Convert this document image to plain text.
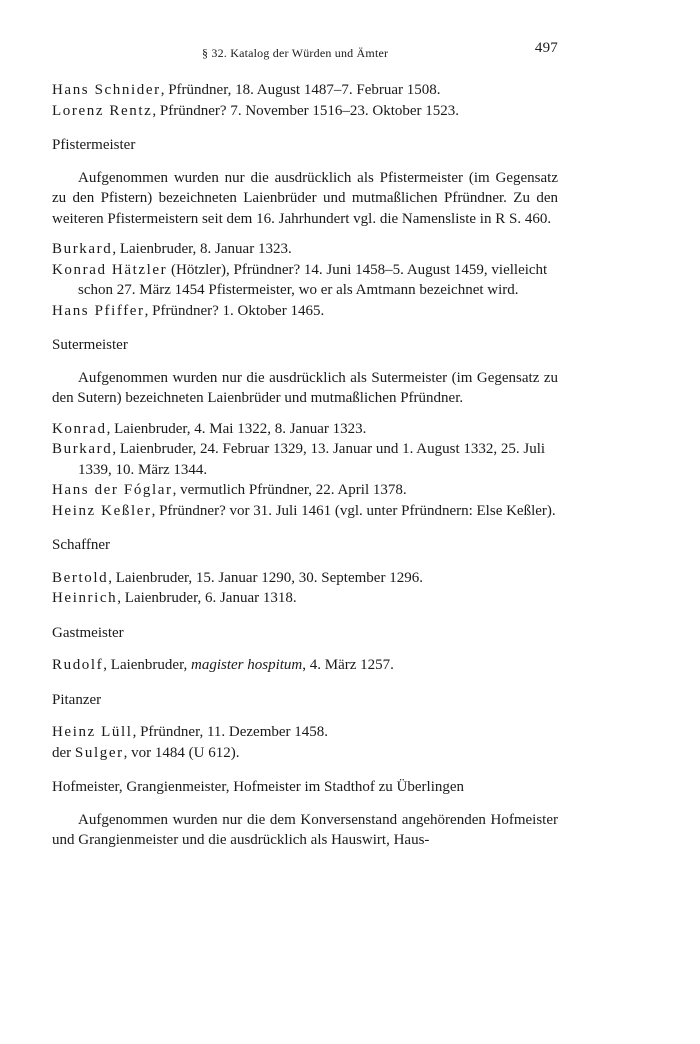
§ 32. Katalog der Würden und Ämter	497
Hans Schnider, Pfründner, 18. August 1487–7. Februar 1508.
Lorenz Rentz, Pfründner? 7. November 1516–23. Oktober 1523.
Pfistermeister
Aufgenommen wurden nur die ausdrücklich als Pfistermeister (im Gegensatz zu den Pfistern) bezeichneten Laienbrüder und mutmaßlichen Pfründner. Zu den weiteren Pfistermeistern seit dem 16. Jahrhundert vgl. die Namensliste in R S. 460.
Burkard, Laienbruder, 8. Januar 1323.
Konrad Hätzler (Hötzler), Pfründner? 14. Juni 1458–5. August 1459, vielleicht schon 27. März 1454 Pfistermeister, wo er als Amtmann bezeichnet wird.
Hans Pfiffer, Pfründner? 1. Oktober 1465.
Sutermeister
Aufgenommen wurden nur die ausdrücklich als Sutermeister (im Gegensatz zu den Sutern) bezeichneten Laienbrüder und mutmaßlichen Pfründner.
Konrad, Laienbruder, 4. Mai 1322, 8. Januar 1323.
Burkard, Laienbruder, 24. Februar 1329, 13. Januar und 1. August 1332, 25. Juli 1339, 10. März 1344.
Hans der Fóglar, vermutlich Pfründner, 22. April 1378.
Heinz Keßler, Pfründner? vor 31. Juli 1461 (vgl. unter Pfründnern: Else Keßler).
Schaffner
Bertold, Laienbruder, 15. Januar 1290, 30. September 1296.
Heinrich, Laienbruder, 6. Januar 1318.
Gastmeister
Rudolf, Laienbruder, magister hospitum, 4. März 1257.
Pitanzer
Heinz Lüll, Pfründner, 11. Dezember 1458.
der Sulger, vor 1484 (U 612).
Hofmeister, Grangienmeister, Hofmeister im Stadthof zu Überlingen
Aufgenommen wurden nur die dem Konversenstand angehörenden Hofmeister und Grangienmeister und die ausdrücklich als Hauswirt, Haus-
